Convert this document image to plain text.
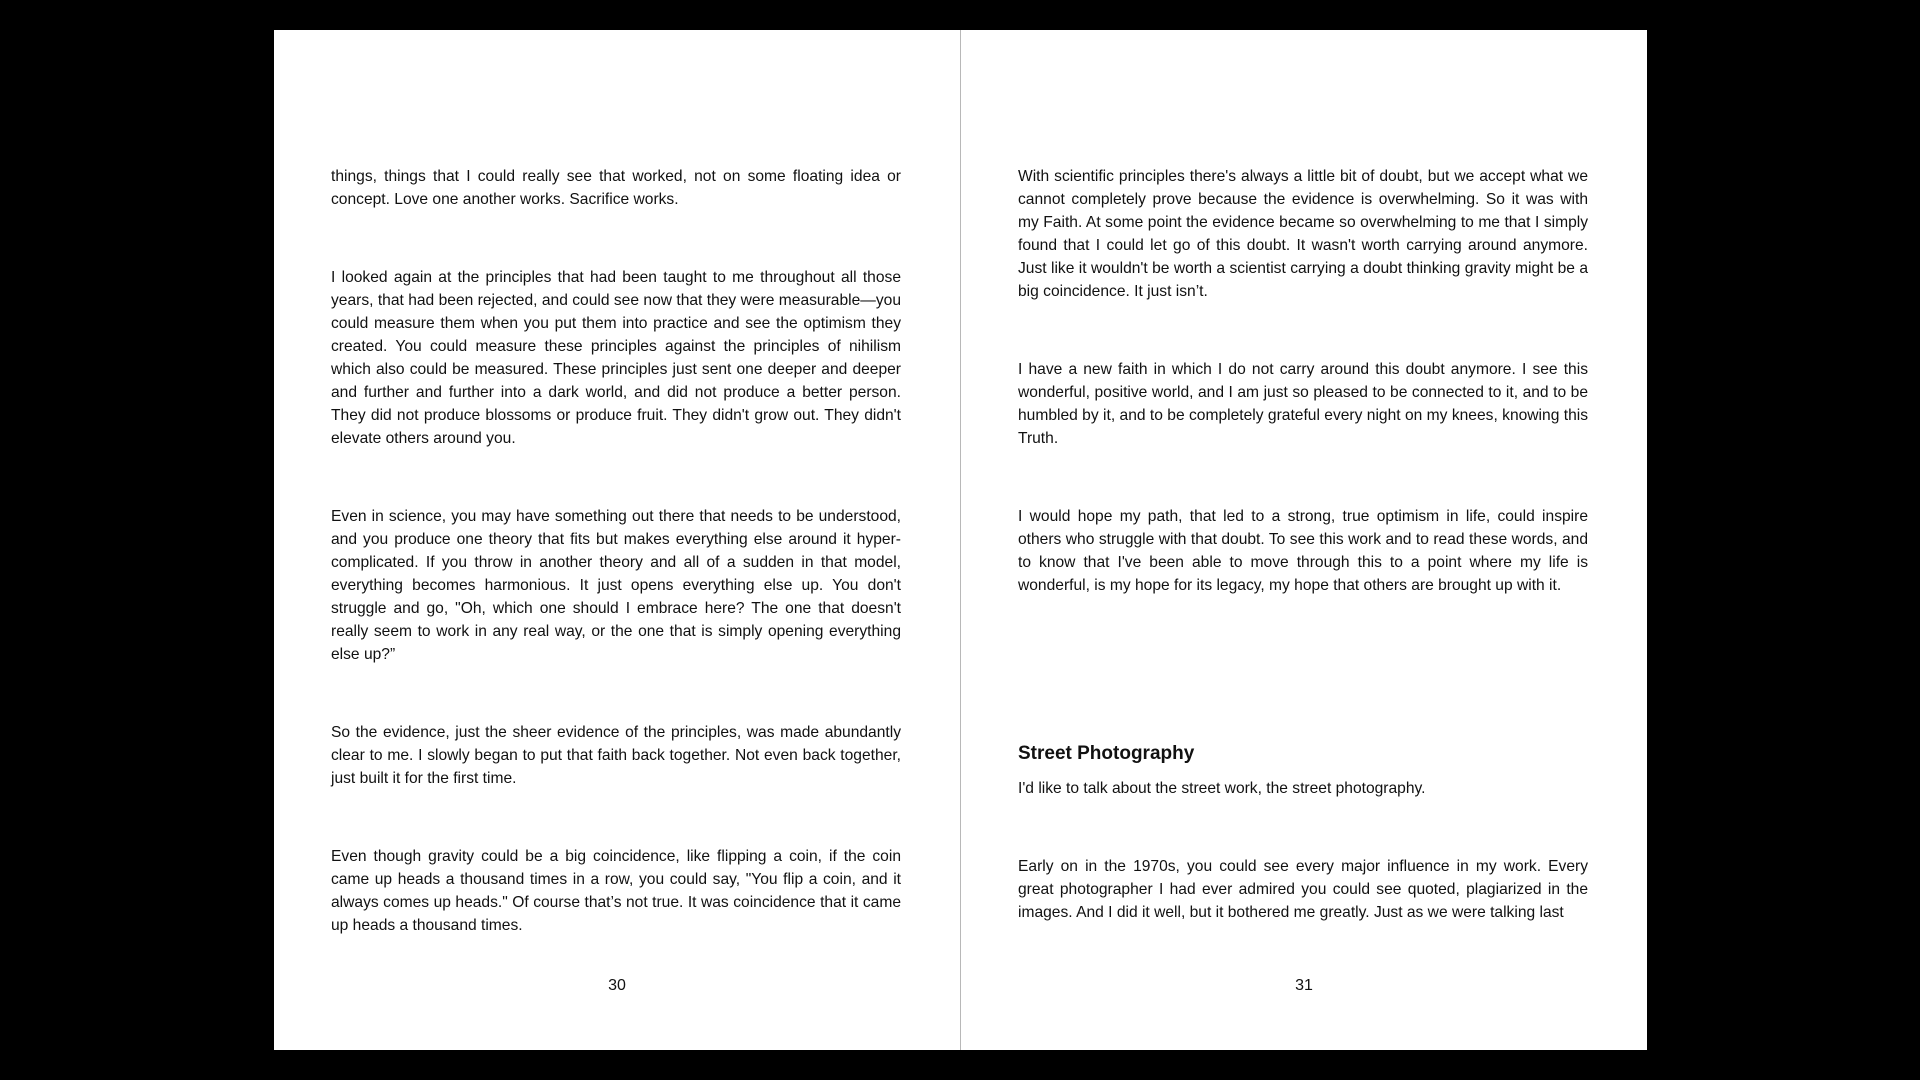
things, things that I could really see that worked, not on some floating idea or concept. Love one another works. Sacrifice works.

I looked again at the principles that had been taught to me throughout all those years, that had been rejected, and could see now that they were measurable—you could measure them when you put them into practice and see the optimism they created. You could measure these principles against the principles of nihilism which also could be measured. These principles just sent one deeper and deeper and further and further into a dark world, and did not produce a better person. They did not produce blossoms or produce fruit. They didn't grow out. They didn't elevate others around you.

Even in science, you may have something out there that needs to be understood, and you produce one theory that fits but makes everything else around it hyper-complicated. If you throw in another theory and all of a sudden in that model, everything becomes harmonious. It just opens everything else up. You don't struggle and go, "Oh, which one should I embrace here? The one that doesn't really seem to work in any real way, or the one that is simply opening everything else up?”

So the evidence, just the sheer evidence of the principles, was made abundantly clear to me. I slowly began to put that faith back together. Not even back together, just built it for the first time.

Even though gravity could be a big coincidence, like flipping a coin, if the coin came up heads a thousand times in a row, you could say, "You flip a coin, and it always comes up heads." Of course that’s not true. It was coincidence that it came up heads a thousand times.

30

With scientific principles there's always a little bit of doubt, but we accept what we cannot completely prove because the evidence is overwhelming. So it was with my Faith. At some point the evidence became so overwhelming to me that I simply found that I could let go of this doubt. It wasn't worth carrying around anymore. Just like it wouldn't be worth a scientist carrying a doubt thinking gravity might be a big coincidence. It just isn’t.

I have a new faith in which I do not carry around this doubt anymore. I see this wonderful, positive world, and I am just so pleased to be connected to it, and to be humbled by it, and to be completely grateful every night on my knees, knowing this Truth.

I would hope my path, that led to a strong, true optimism in life, could inspire others who struggle with that doubt. To see this work and to read these words, and to know that I've been able to move through this to a point where my life is wonderful, is my hope for its legacy, my hope that others are brought up with it.

Street Photography

I'd like to talk about the street work, the street photography.

Early on in the 1970s, you could see every major influence in my work. Every great photographer I had ever admired you could see quoted, plagiarized in the images. And I did it well, but it bothered me greatly. Just as we were talking last

31
